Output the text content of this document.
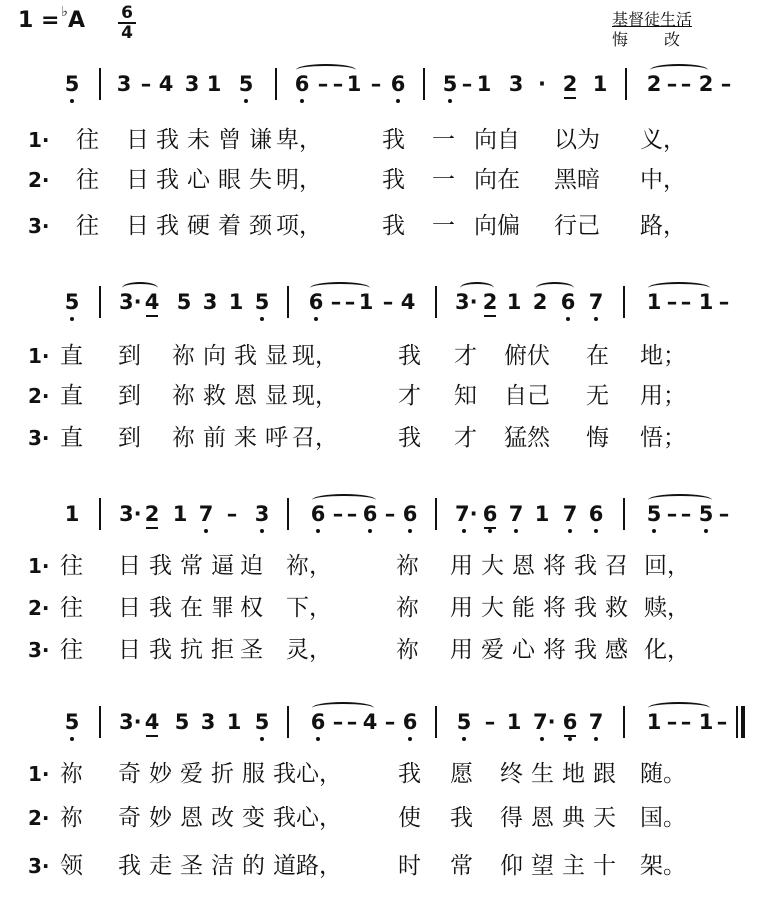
1 = ♭A 6
4
基督徒生活
悔 改
5 3 – 4 3 1 5 6 – – 1 – 6 5 – 1 3 · 2 1 2 – – 2 –
1 ·	往 日 我未曾谦
卑，	我 一 向自 以为 义，
2 ·	往 日 我心眼失
明，	我 一 向在 黑暗 中，
3 ·	往 日 我硬着颈
项，	我 一 向偏 行己 路，
5 3· 4 5 3 1 5 6 – – 1 – 4 3· 2 1 2 6 7 1 – – 1 –
1 · 直 到 祢向我显
现，	我 才 俯伏 在 地；
2 · 直 到 祢救恩显
现，	才 知 自己 无 用；
3 · 直 到 祢前来呼
召，	我 才 猛然 悔 悟；
1 3· 2 1 7 – 3 6 – – 6 – 6 7· 6 7 1 7 6 5 – – 5 –
1 · 往 日我常逼
迫 祢，	祢 用大恩将我召 回，
2 · 往 日我在罪
权 下，	祢 用大能将我救 赎，
3 · 往 日我抗拒
圣 灵，	祢 用爱心将我感 化，
5 3· 4 5 3 1 5 6 – – 4 – 6 5 – 1 7· 6 7 1 – – 1 –
1 · 祢 奇妙爱折服我
心， 我 愿 终生地跟 随。
2 · 祢 奇妙恩改变我
心， 使 我 得恩典天 国。
3 · 领 我走圣洁的道
路， 时 常 仰望主十 架。
